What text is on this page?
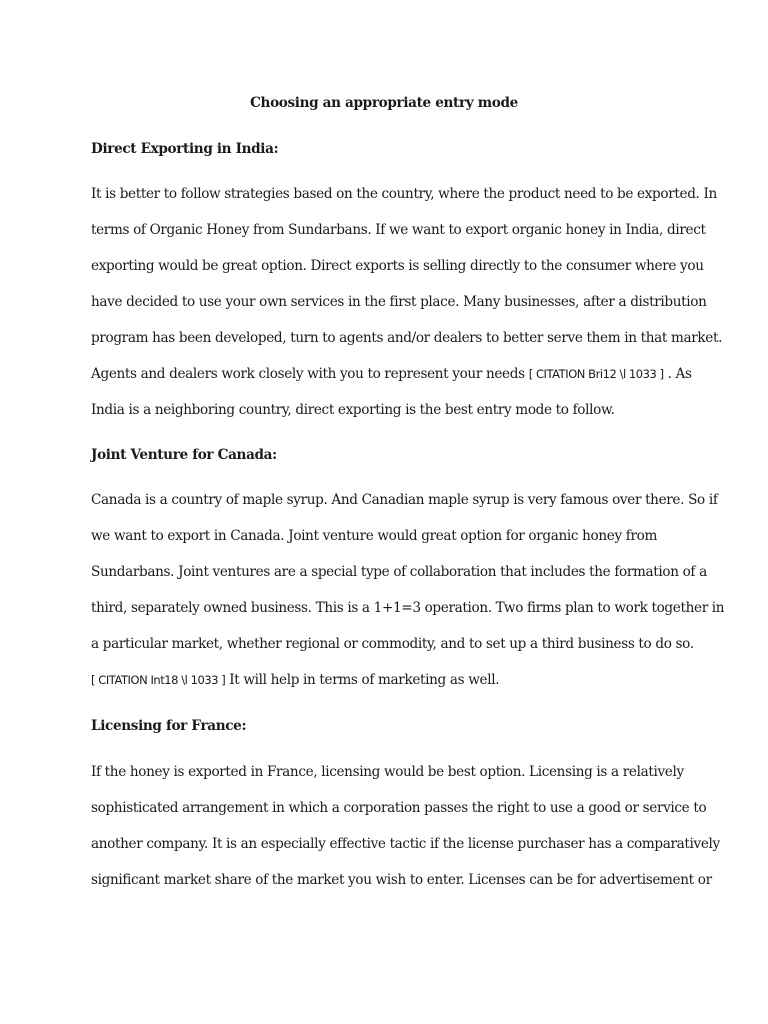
Choosing an appropriate entry mode
Direct Exporting in India:
It is better to follow strategies based on the country, where the product need to be exported. In
terms of Organic Honey from Sundarbans. If we want to export organic honey in India, direct
exporting would be great option. Direct exports is selling directly to the consumer where you
have decided to use your own services in the first place. Many businesses, after a distribution
program has been developed, turn to agents and/or dealers to better serve them in that market.
Agents and dealers work closely with you to represent your needs [ CITATION Bri12 \l 1033 ] . As
India is a neighboring country, direct exporting is the best entry mode to follow.
Joint Venture for Canada:
Canada is a country of maple syrup. And Canadian maple syrup is very famous over there. So if
we want to export in Canada. Joint venture would great option for organic honey from
Sundarbans. Joint ventures are a special type of collaboration that includes the formation of a
third, separately owned business. This is a 1+1=3 operation. Two firms plan to work together in
a particular market, whether regional or commodity, and to set up a third business to do so.
[ CITATION Int18 \l 1033 ] It will help in terms of marketing as well.
Licensing for France:
If the honey is exported in France, licensing would be best option. Licensing is a relatively
sophisticated arrangement in which a corporation passes the right to use a good or service to
another company. It is an especially effective tactic if the license purchaser has a comparatively
significant market share of the market you wish to enter. Licenses can be for advertisement or
